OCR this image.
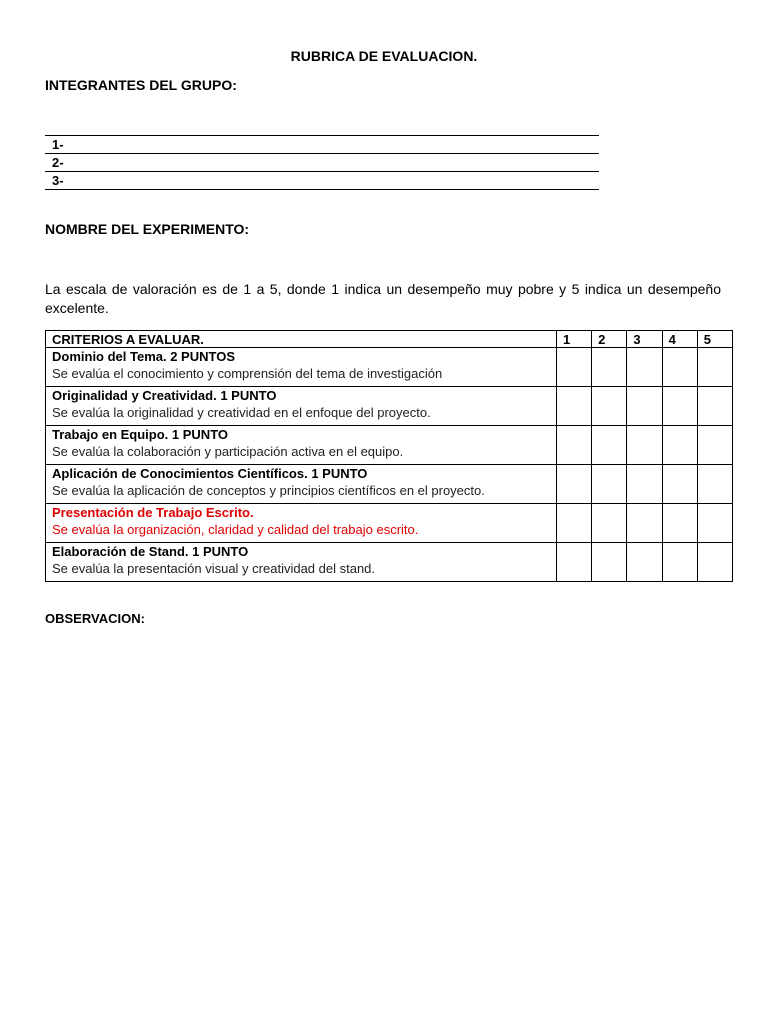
RUBRICA DE EVALUACION.
INTEGRANTES DEL GRUPO:
1-
2-
3-
NOMBRE DEL EXPERIMENTO:
La escala de valoración es de 1 a 5, donde 1 indica un desempeño muy pobre y 5 indica un desempeño excelente.
CRITERIOS A EVALUAR.	1	2	3	4	5

Dominio del Tema. 2 PUNTOS
Se evalúa el conocimiento y comprensión del tema de investigación					

Originalidad y Creatividad. 1 PUNTO
Se evalúa la originalidad y creatividad en el enfoque del proyecto.					

Trabajo en Equipo. 1 PUNTO
Se evalúa la colaboración y participación activa en el equipo.					

Aplicación de Conocimientos Científicos. 1 PUNTO
Se evalúa la aplicación de conceptos y principios científicos en el proyecto.					

Presentación de Trabajo Escrito.
Se evalúa la organización, claridad y calidad del trabajo escrito.					

Elaboración de Stand. 1 PUNTO
Se evalúa la presentación visual y creatividad del stand.					

OBSERVACION:
